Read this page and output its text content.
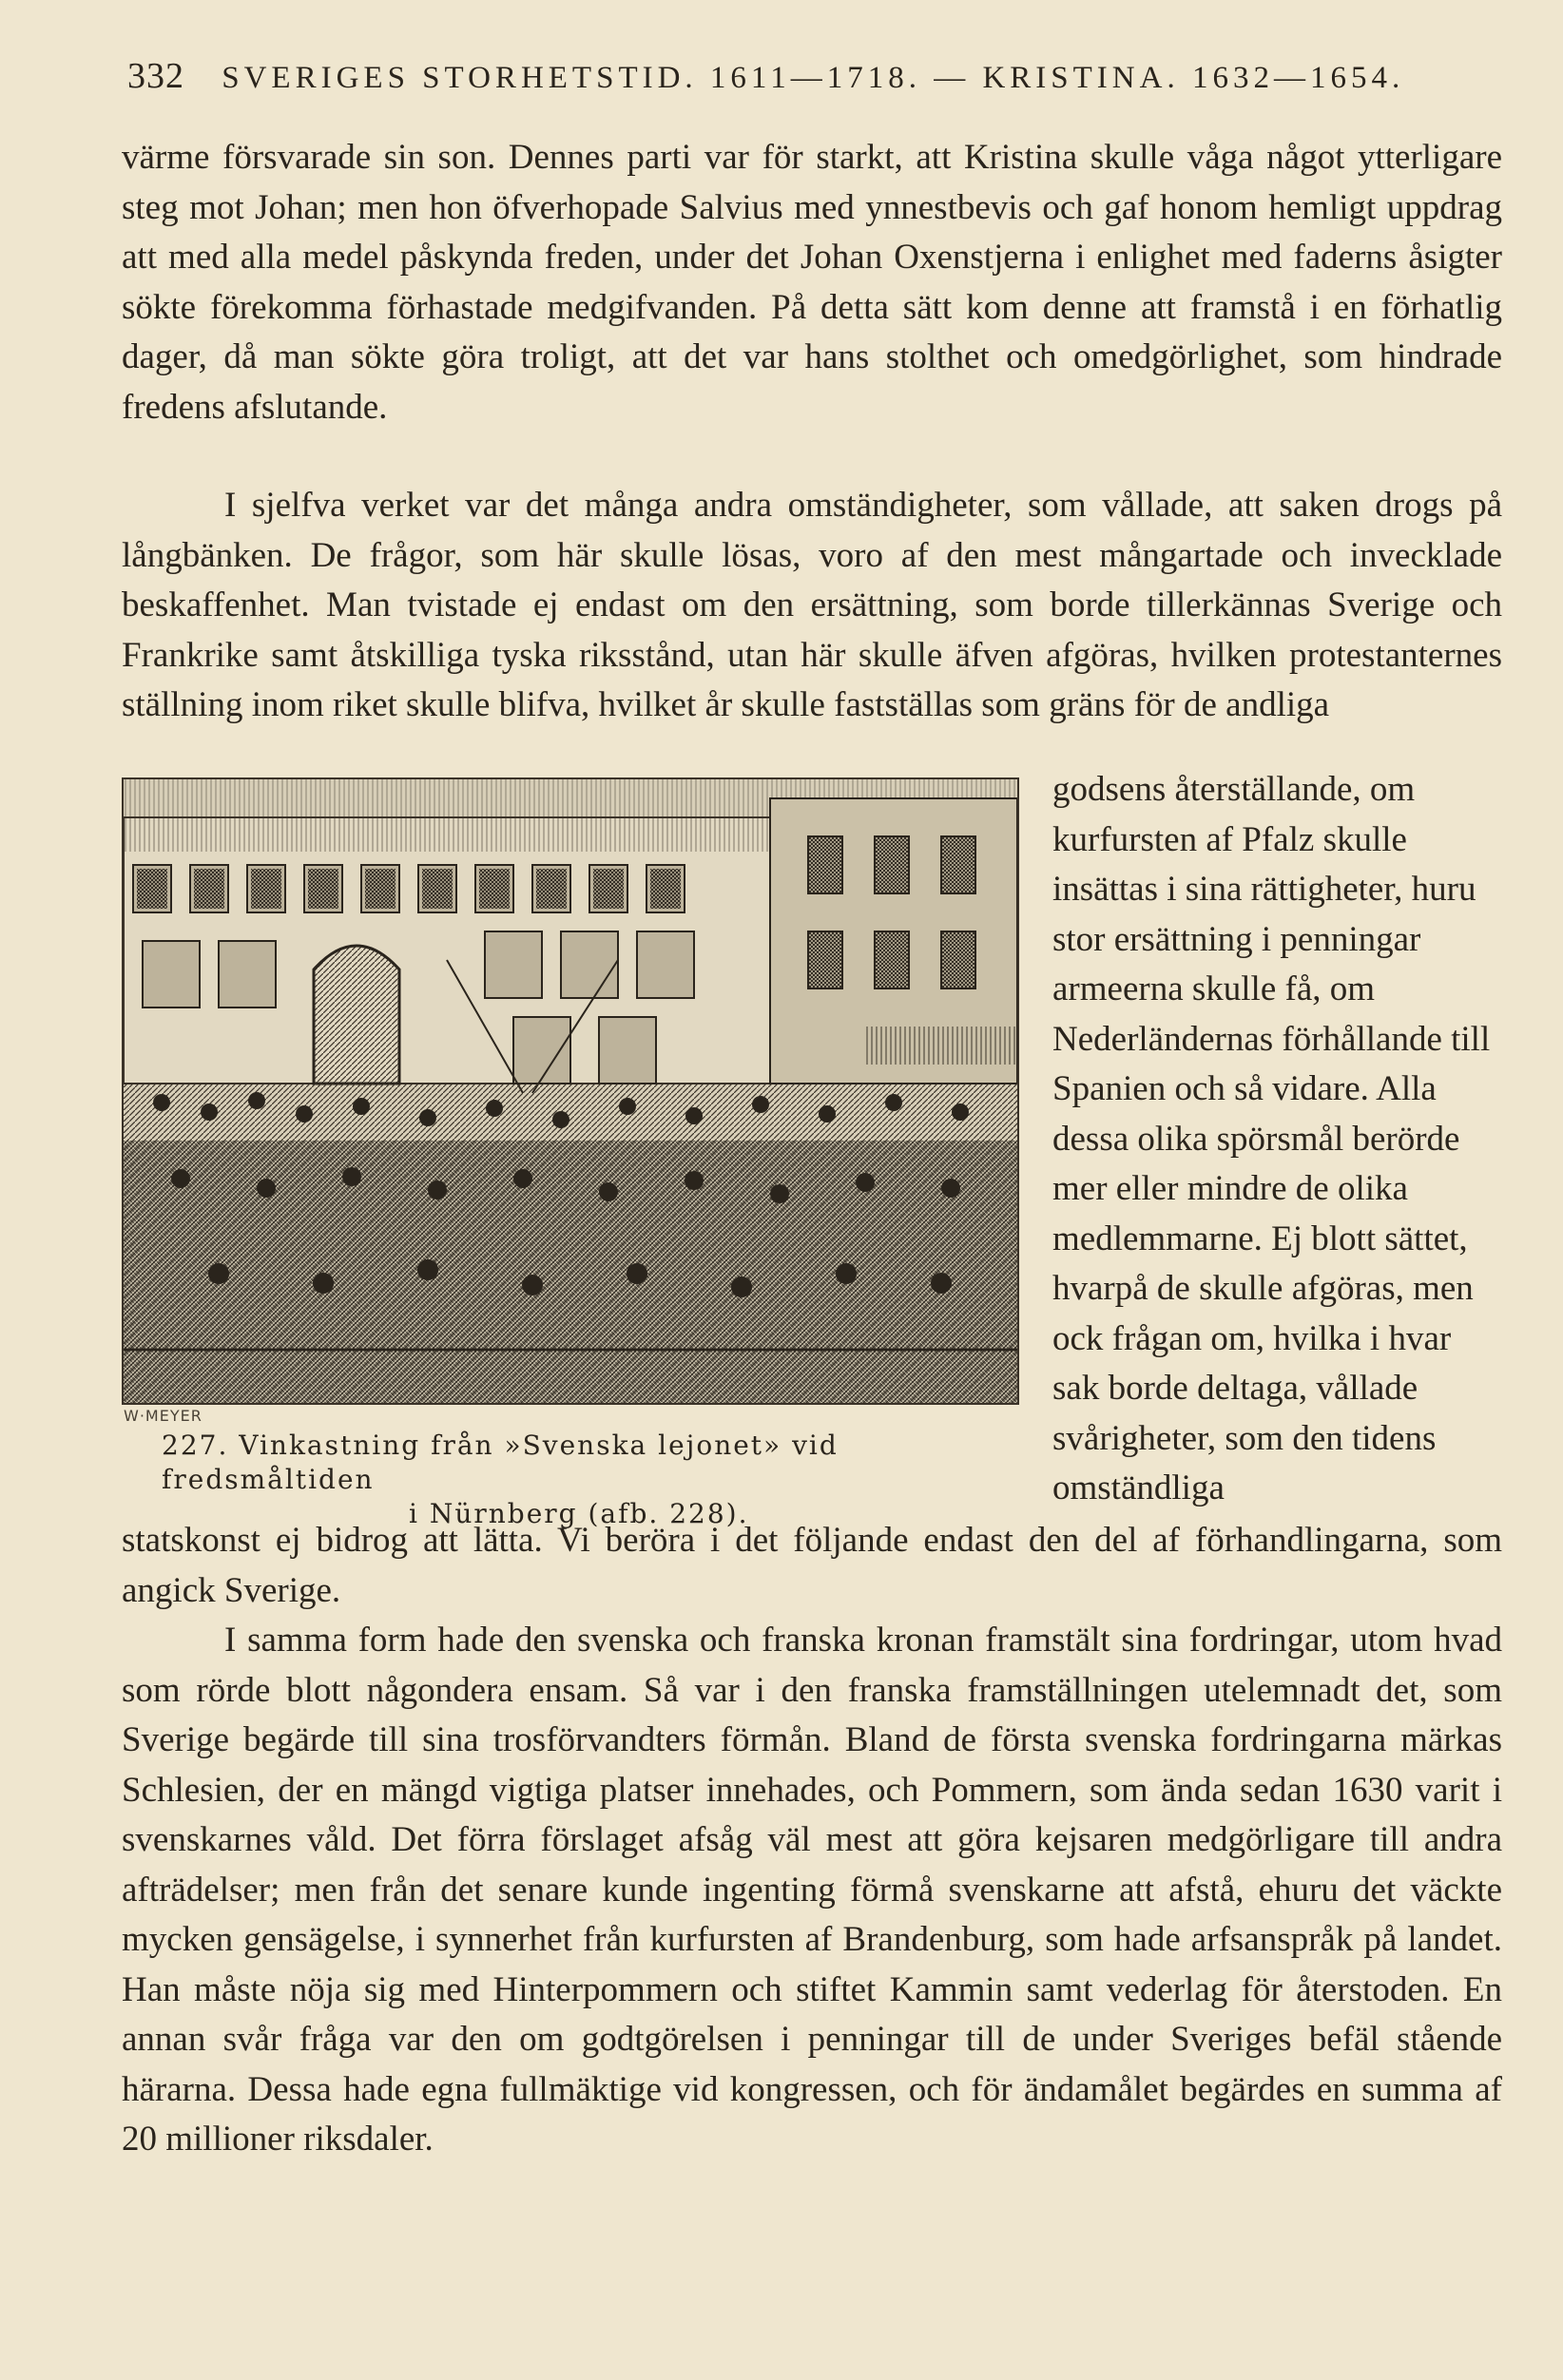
332 SVERIGES STORHETSTID. 1611—1718. — KRISTINA. 1632—1654.

värme försvarade sin son. Dennes parti var för starkt, att Kristina skulle våga något ytterligare steg mot Johan; men hon öfverhopade Salvius med ynnestbevis och gaf honom hemligt uppdrag att med alla medel påskynda freden, under det Johan Oxenstjerna i enlighet med faderns åsigter sökte förekomma förhastade medgifvanden. På detta sätt kom denne att framstå i en förhatlig dager, då man sökte göra troligt, att det var hans stolthet och omedgörlighet, som hindrade fredens afslutande.

I sjelfva verket var det många andra omständigheter, som vållade, att saken drogs på långbänken. De frågor, som här skulle lösas, voro af den mest mångartade och invecklade beskaffenhet. Man tvistade ej endast om den ersättning, som borde tillerkännas Sverige och Frankrike samt åtskilliga tyska riksstånd, utan här skulle äfven afgöras, hvilken protestanternes ställning inom riket skulle blifva, hvilket år skulle fastställas som gräns för de andliga

W·MEYER
227. Vinkastning från »Svenska lejonet» vid fredsmåltiden
i Nürnberg (afb. 228).

godsens återställande, om kurfursten af Pfalz skulle insättas i sina rättigheter, huru stor ersättning i penningar armeerna skulle få, om Nederländernas förhållande till Spanien och så vidare. Alla dessa olika spörsmål berörde mer eller mindre de olika medlemmarne. Ej blott sättet, hvarpå de skulle afgöras, men ock frågan om, hvilka i hvar sak borde deltaga, vållade svårigheter, som den tidens omständliga

statskonst ej bidrog att lätta. Vi beröra i det följande endast den del af förhandlingarna, som angick Sverige.

I samma form hade den svenska och franska kronan framstält sina fordringar, utom hvad som rörde blott någondera ensam. Så var i den franska framställningen utelemnadt det, som Sverige begärde till sina trosförvandters förmån. Bland de första svenska fordringarna märkas Schlesien, der en mängd vigtiga platser innehades, och Pommern, som ända sedan 1630 varit i svenskarnes våld. Det förra förslaget afsåg väl mest att göra kejsaren medgörligare till andra afträdelser; men från det senare kunde ingenting förmå svenskarne att afstå, ehuru det väckte mycken gensägelse, i synnerhet från kurfursten af Brandenburg, som hade arfsanspråk på landet. Han måste nöja sig med Hinterpommern och stiftet Kammin samt vederlag för återstoden. En annan svår fråga var den om godtgörelsen i penningar till de under Sveriges befäl stående härarna. Dessa hade egna fullmäktige vid kongressen, och för ändamålet begärdes en summa af 20 millioner riksdaler.
